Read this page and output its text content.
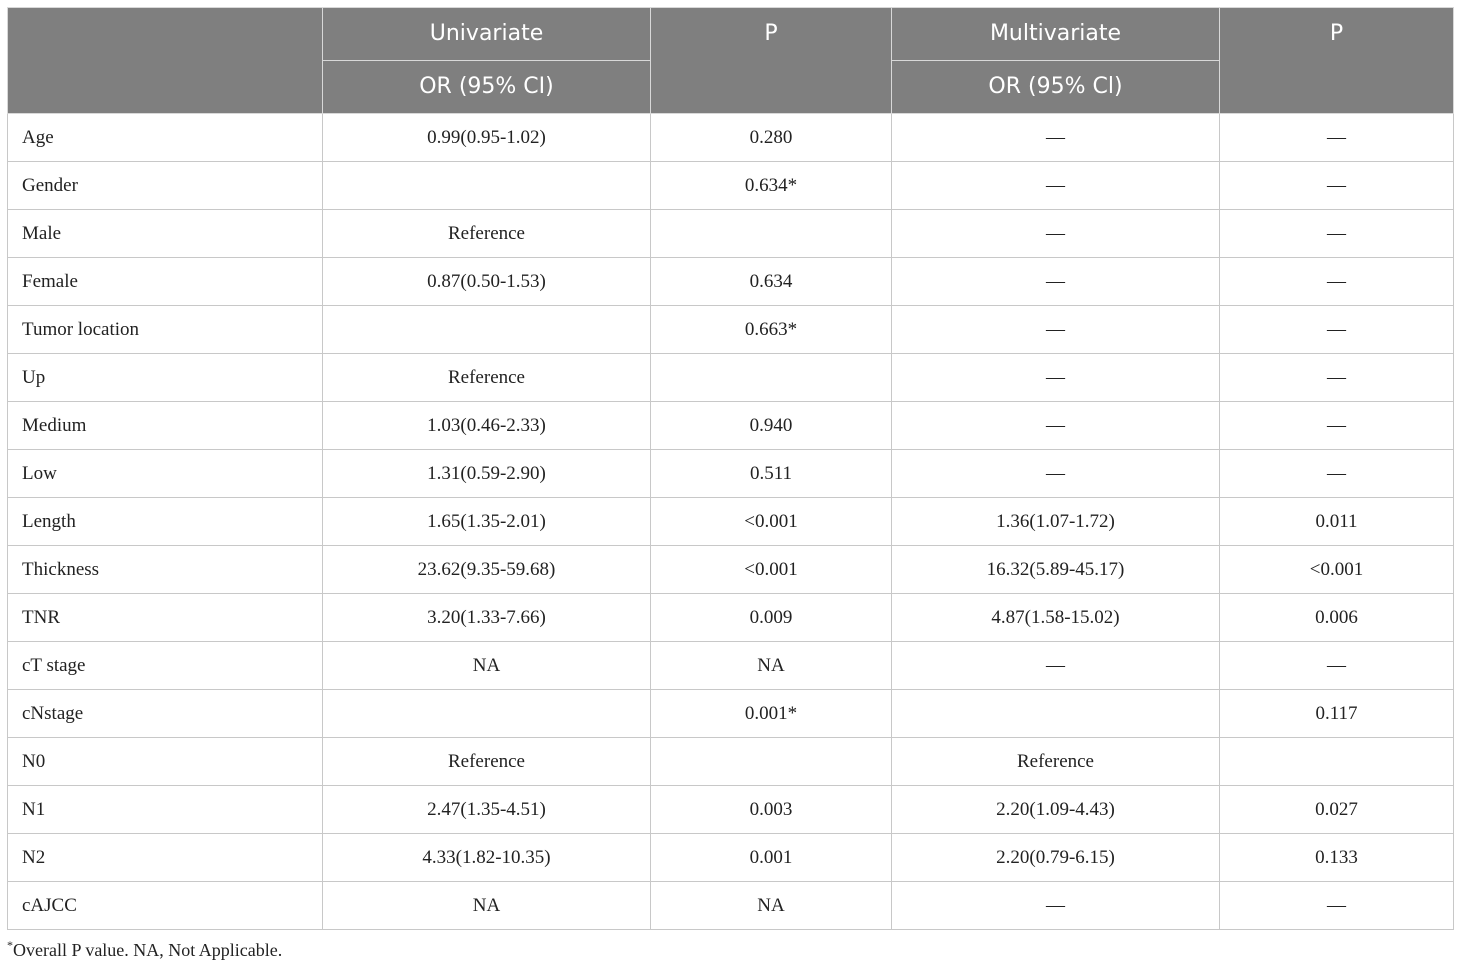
	Univariate	P	Multivariate	P
	OR (95% CI)		OR (95% Cl)	
Age	0.99(0.95-1.02)	0.280	—	—
Gender		0.634*	—	—
Male	Reference		—	—
Female	0.87(0.50-1.53)	0.634	—	—
Tumor location		0.663*	—	—
Up	Reference		—	—
Medium	1.03(0.46-2.33)	0.940	—	—
Low	1.31(0.59-2.90)	0.511	—	—
Length	1.65(1.35-2.01)	<0.001	1.36(1.07-1.72)	0.011
Thickness	23.62(9.35-59.68)	<0.001	16.32(5.89-45.17)	<0.001
TNR	3.20(1.33-7.66)	0.009	4.87(1.58-15.02)	0.006
cT stage	NA	NA	—	—
cNstage		0.001*		0.117
N0	Reference		Reference	
N1	2.47(1.35-4.51)	0.003	2.20(1.09-4.43)	0.027
N2	4.33(1.82-10.35)	0.001	2.20(0.79-6.15)	0.133
cAJCC	NA	NA	—	—
*Overall P value. NA, Not Applicable.
